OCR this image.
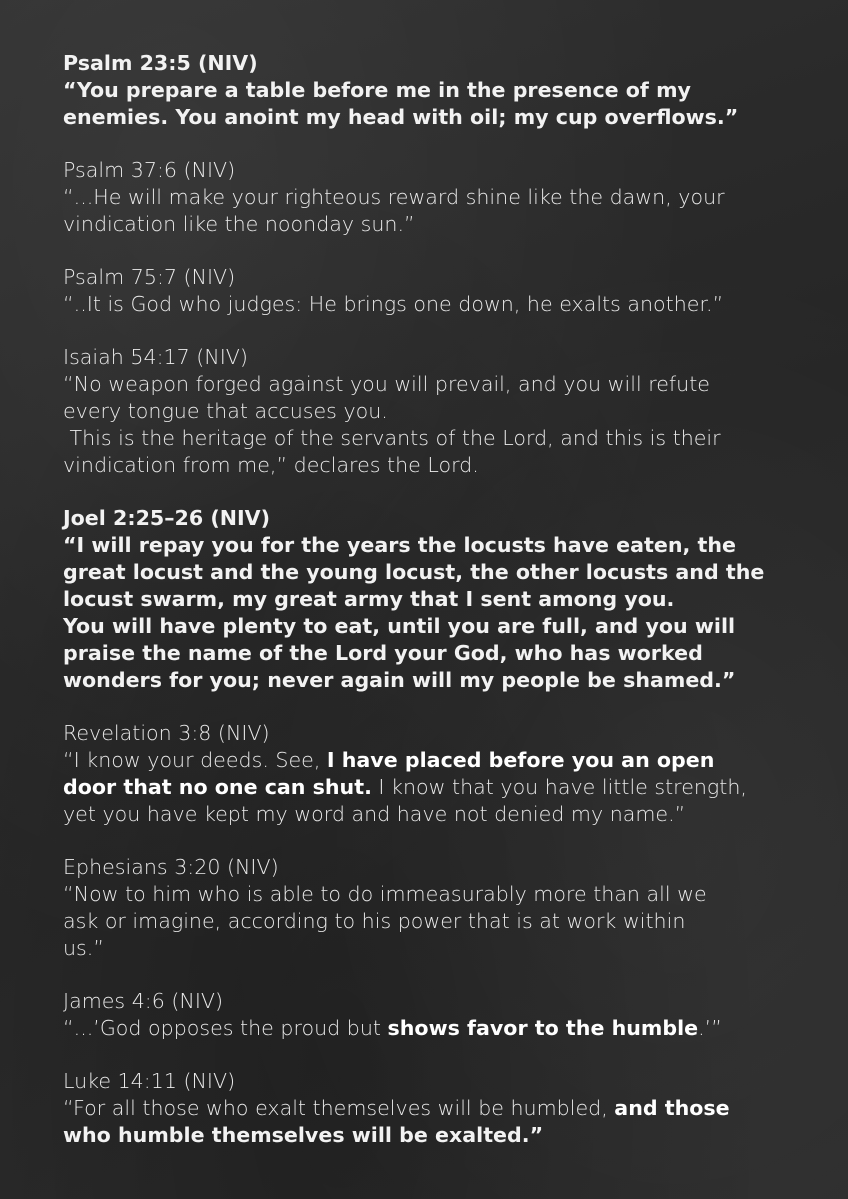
Psalm 23:5 (NIV)
“You prepare a table before me in the presence of my
enemies. You anoint my head with oil; my cup overflows.”
Psalm 37:6 (NIV)
“...He will make your righteous reward shine like the dawn, your
vindication like the noonday sun.”
Psalm 75:7 (NIV)
“..It is God who judges: He brings one down, he exalts another.”
Isaiah 54:17 (NIV)
“No weapon forged against you will prevail, and you will refute
every tongue that accuses you.
This is the heritage of the servants of the Lord, and this is their
vindication from me,” declares the Lord.
Joel 2:25–26 (NIV)
“I will repay you for the years the locusts have eaten, the
great locust and the young locust, the other locusts and the
locust swarm, my great army that I sent among you.
You will have plenty to eat, until you are full, and you will
praise the name of the Lord your God, who has worked
wonders for you; never again will my people be shamed.”
Revelation 3:8 (NIV)
“I know your deeds. See, I have placed before you an open
door that no one can shut. I know that you have little strength,
yet you have kept my word and have not denied my name.”
Ephesians 3:20 (NIV)
“Now to him who is able to do immeasurably more than all we
ask or imagine, according to his power that is at work within
us.”
James 4:6 (NIV)
“...’God opposes the proud but shows favor to the humble.’”
Luke 14:11 (NIV)
“For all those who exalt themselves will be humbled, and those
who humble themselves will be exalted.”
